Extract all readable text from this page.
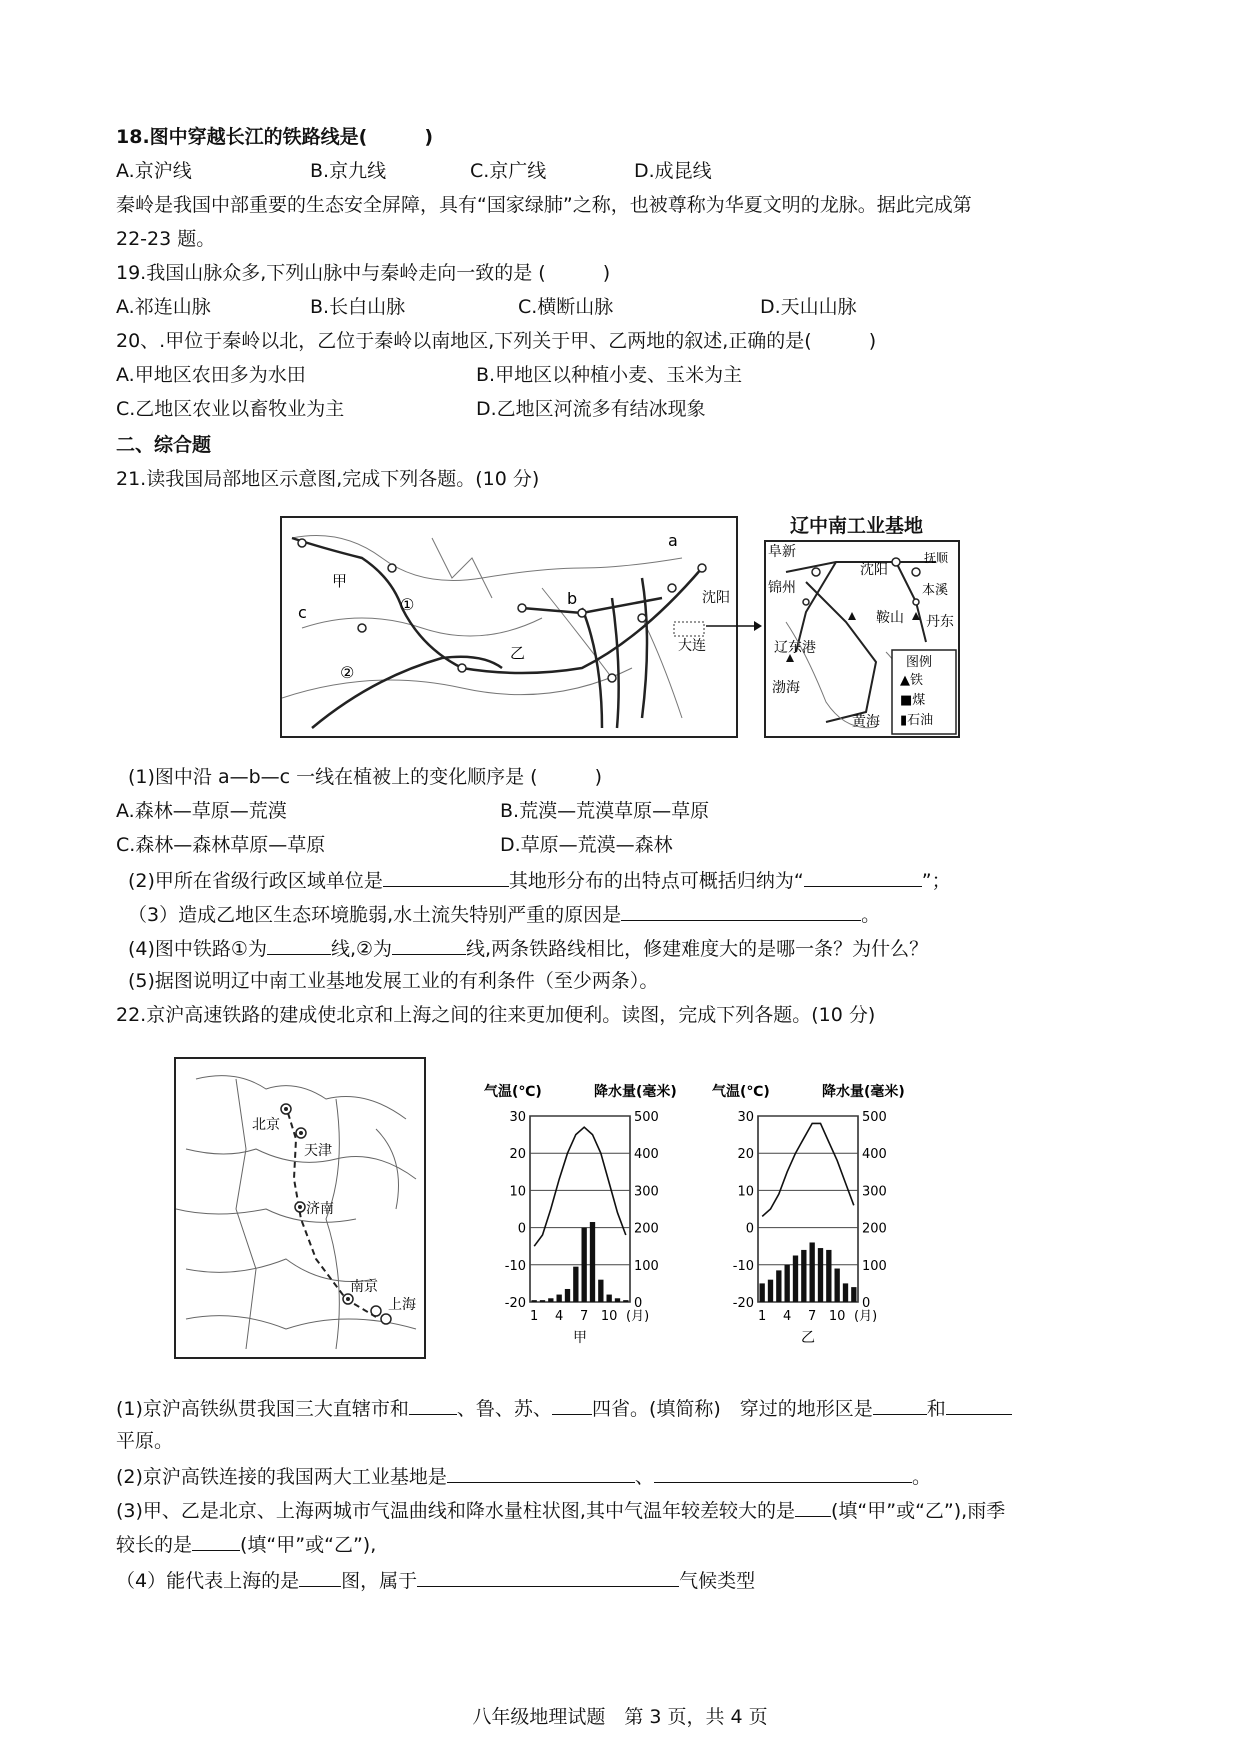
18.图中穿越长江的铁路线是(　　　)
A.京沪线	B.京九线	C.京广线	D.成昆线
秦岭是我国中部重要的生态安全屏障，具有“国家绿肺”之称，也被尊称为华夏文明的龙脉。据此完成第
22-23 题。
19.我国山脉众多,下列山脉中与秦岭走向一致的是 (　　　)
A.祁连山脉	B.长白山脉	C.横断山脉	D.天山山脉
20、.甲位于秦岭以北，乙位于秦岭以南地区,下列关于甲、乙两地的叙述,正确的是(　　　)
A.甲地区农田多为水田	B.甲地区以种植小麦、玉米为主
C.乙地区农业以畜牧业为主	D.乙地区河流多有结冰现象
二、综合题
21.读我国局部地区示意图,完成下列各题。(10 分)
甲
乙
a
b
c	①
②
沈阳
大连
辽中南工业基地
阜新
沈阳
抚顺
锦州	本溪
鞍山 丹东
辽东港
渤海
黄海
图例
▲铁
■煤
▮石油
(1)图中沿 a—b—c 一线在植被上的变化顺序是 (　　　)
A.森林—草原—荒漠	B.荒漠—荒漠草原—草原
C.森林—森林草原—草原	D.草原—荒漠—森林
(2)甲所在省级行政区域单位是	其地形分布的出特点可概括归纳为“	”；
（3）造成乙地区生态环境脆弱,水土流失特别严重的原因是	。
(4)图中铁路①为	线,②为	线,两条铁路线相比，修建难度大的是哪一条？为什么？
(5)据图说明辽中南工业基地发展工业的有利条件（至少两条）。
22.京沪高速铁路的建成使北京和上海之间的往来更加便利。读图，完成下列各题。(10 分)
北京
天津
济南
南京
上海
气温(℃)	降水量(毫米)
30
20
10
0
-10
-20
500
400
300
200
100
0
1 4 7 10 (月)
甲
气温(℃)	降水量(毫米)
30
20
10
0
-10
-20
500
400
300
200
100
0
1 4 7 10 (月)
乙
(1)京沪高铁纵贯我国三大直辖市和	、鲁、苏、 四省。(填简称)　穿过的地形区是	和
平原。
(2)京沪高铁连接的我国两大工业基地是	、	。
(3)甲、乙是北京、上海两城市气温曲线和降水量柱状图,其中气温年较差较大的是 (填“甲”或“乙”),雨季
较长的是	(填“甲”或“乙”),
（4）能代表上海的是 图，属于	气候类型
八年级地理试题　第 3 页，共 4 页
